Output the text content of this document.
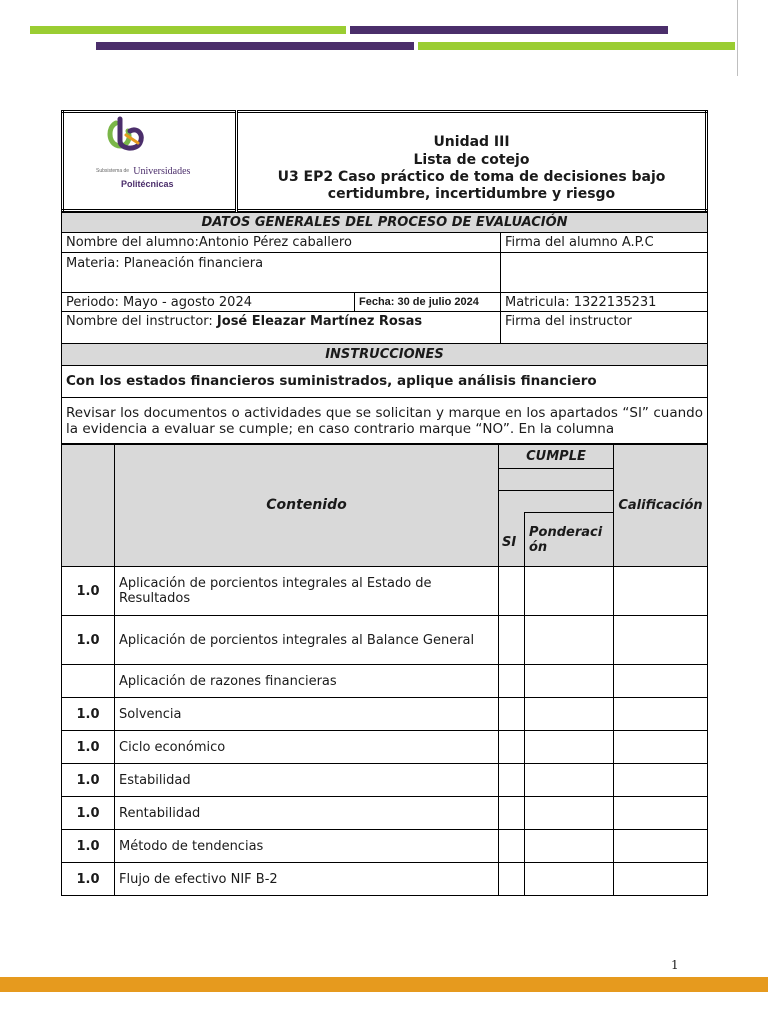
Subsistema de Universidades
Politécnicas

Unidad III
Lista de cotejo
U3 EP2 Caso práctico de toma de decisiones bajo certidumbre, incertidumbre y riesgo
DATOS GENERALES DEL PROCESO DE EVALUACIÓN		
Nombre del alumno:Antonio Pérez caballero		Firma del alumno A.P.C
Materia: Planeación financiera		
Periodo: Mayo - agosto 2024	Fecha: 30 de julio 2024	Matricula: 1322135231
Nombre del instructor: José Eleazar Martínez Rosas		Firma del instructor
INSTRUCCIONES		
Con los estados financieros suministrados, aplique análisis financiero		
Revisar los documentos o actividades que se solicitan y marque en los apartados “SI” cuando la evidencia a evaluar se cumple; en caso contrario marque “NO”. En la columna		
	Contenido	CUMPLE		Calificación

		SI	Ponderación	
1.0	Aplicación de porcientos integrales al Estado de Resultados			
1.0	Aplicación de porcientos integrales al Balance General			
	Aplicación de razones financieras			
1.0	Solvencia			
1.0	Ciclo económico			
1.0	Estabilidad			
1.0	Rentabilidad			
1.0	Método de tendencias			
1.0	Flujo de efectivo NIF B-2			
1
